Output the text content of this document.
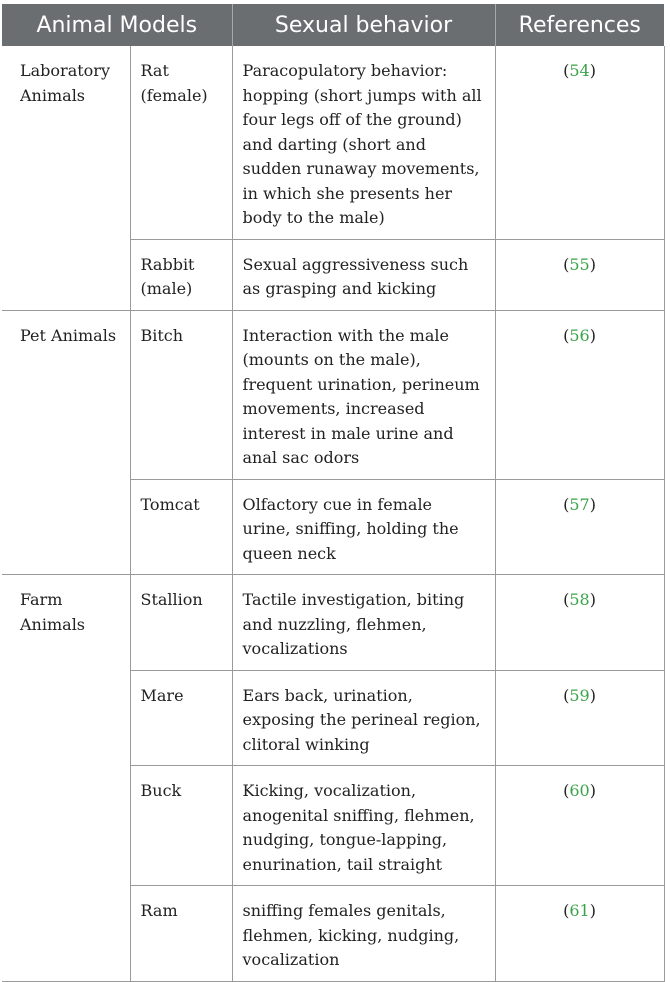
Animal Models		Sexual behavior	References
Laboratory Animals	Rat (female)	Paracopulatory behavior: hopping (short jumps with all four legs off of the ground) and darting (short and sudden runaway movements, in which she presents her body to the male)	(54)
	Rabbit (male)	Sexual aggressiveness such as grasping and kicking	(55)
Pet Animals	Bitch	Interaction with the male (mounts on the male), frequent urination, perineum movements, increased interest in male urine and anal sac odors	(56)
	Tomcat	Olfactory cue in female urine, sniffing, holding the queen neck	(57)
Farm Animals	Stallion	Tactile investigation, biting and nuzzling, flehmen, vocalizations	(58)
	Mare	Ears back, urination, exposing the perineal region, clitoral winking	(59)
	Buck	Kicking, vocalization, anogenital sniffing, flehmen, nudging, tongue-lapping, enurination, tail straight	(60)
	Ram	sniffing females genitals, flehmen, kicking, nudging, vocalization	(61)
